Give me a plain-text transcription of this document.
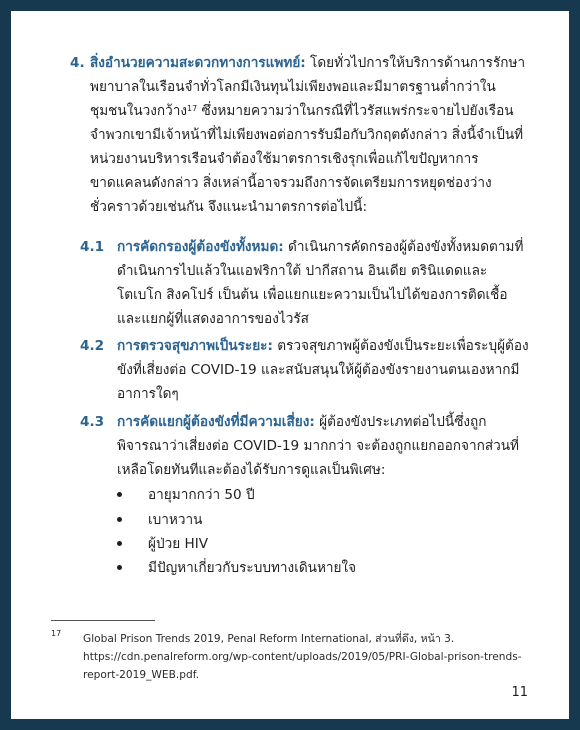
4. สิ่งอำนวยความสะดวกทางการแพทย์: โดยทั่วไปการให้บริการด้านการรักษาพยาบาลในเรือนจำทั่วโลกมีเงินทุนไม่เพียงพอและมีมาตรฐานต่ำกว่าในชุมชนในวงกว้าง$^{17}$ ซึ่งหมายความว่าในกรณีที่ไวรัสแพร่กระจายไปยังเรือนจำพวกเขามีเจ้าหน้าที่ไม่เพียงพอต่อการรับมือกับวิกฤตดังกล่าว สิ่งนี้จำเป็นที่หน่วยงานบริหารเรือนจำต้องใช้มาตรการเชิงรุกเพื่อแก้ไขปัญหาการขาดแคลนดังกล่าว สิ่งเหล่านี้อาจรวมถึงการจัดเตรียมการหยุดช่องว่างชั่วคราวด้วยเช่นกัน จึงแนะนำมาตรการต่อไปนี้:
4.1 การคัดกรองผู้ต้องขังทั้งหมด: ดำเนินการคัดกรองผู้ต้องขังทั้งหมดตามที่ดำเนินการไปแล้วในแอฟริกาใต้ ปากีสถาน อินเดีย ตรินิแดดและโตเบโก สิงคโปร์ เป็นต้น เพื่อแยกแยะความเป็นไปได้ของการติดเชื้อและแยกผู้ที่แสดงอาการของไวรัส
4.2 การตรวจสุขภาพเป็นระยะ: ตรวจสุขภาพผู้ต้องขังเป็นระยะเพื่อระบุผู้ต้องขังที่เสี่ยงต่อ COVID-19 และสนับสนุนให้ผู้ต้องขังรายงานตนเองหากมีอาการใดๆ
4.3 การคัดแยกผู้ต้องขังที่มีความเสี่ยง: ผู้ต้องขังประเภทต่อไปนี้ซึ่งถูกพิจารณาว่าเสี่ยงต่อ COVID-19 มากกว่า จะต้องถูกแยกออกจากส่วนที่เหลือโดยทันทีและต้องได้รับการดูแลเป็นพิเศษ:
อายุมากกว่า 50 ปี
เบาหวาน
ผู้ป่วย HIV
มีปัญหาเกี่ยวกับระบบทางเดินหายใจ
17 Global Prison Trends 2019, Penal Reform International, ส่วนที่ดึง, หน้า 3. https://cdn.penalreform.org/wp-content/uploads/2019/05/PRI-Global-prison-trends-report-2019_WEB.pdf.
11
